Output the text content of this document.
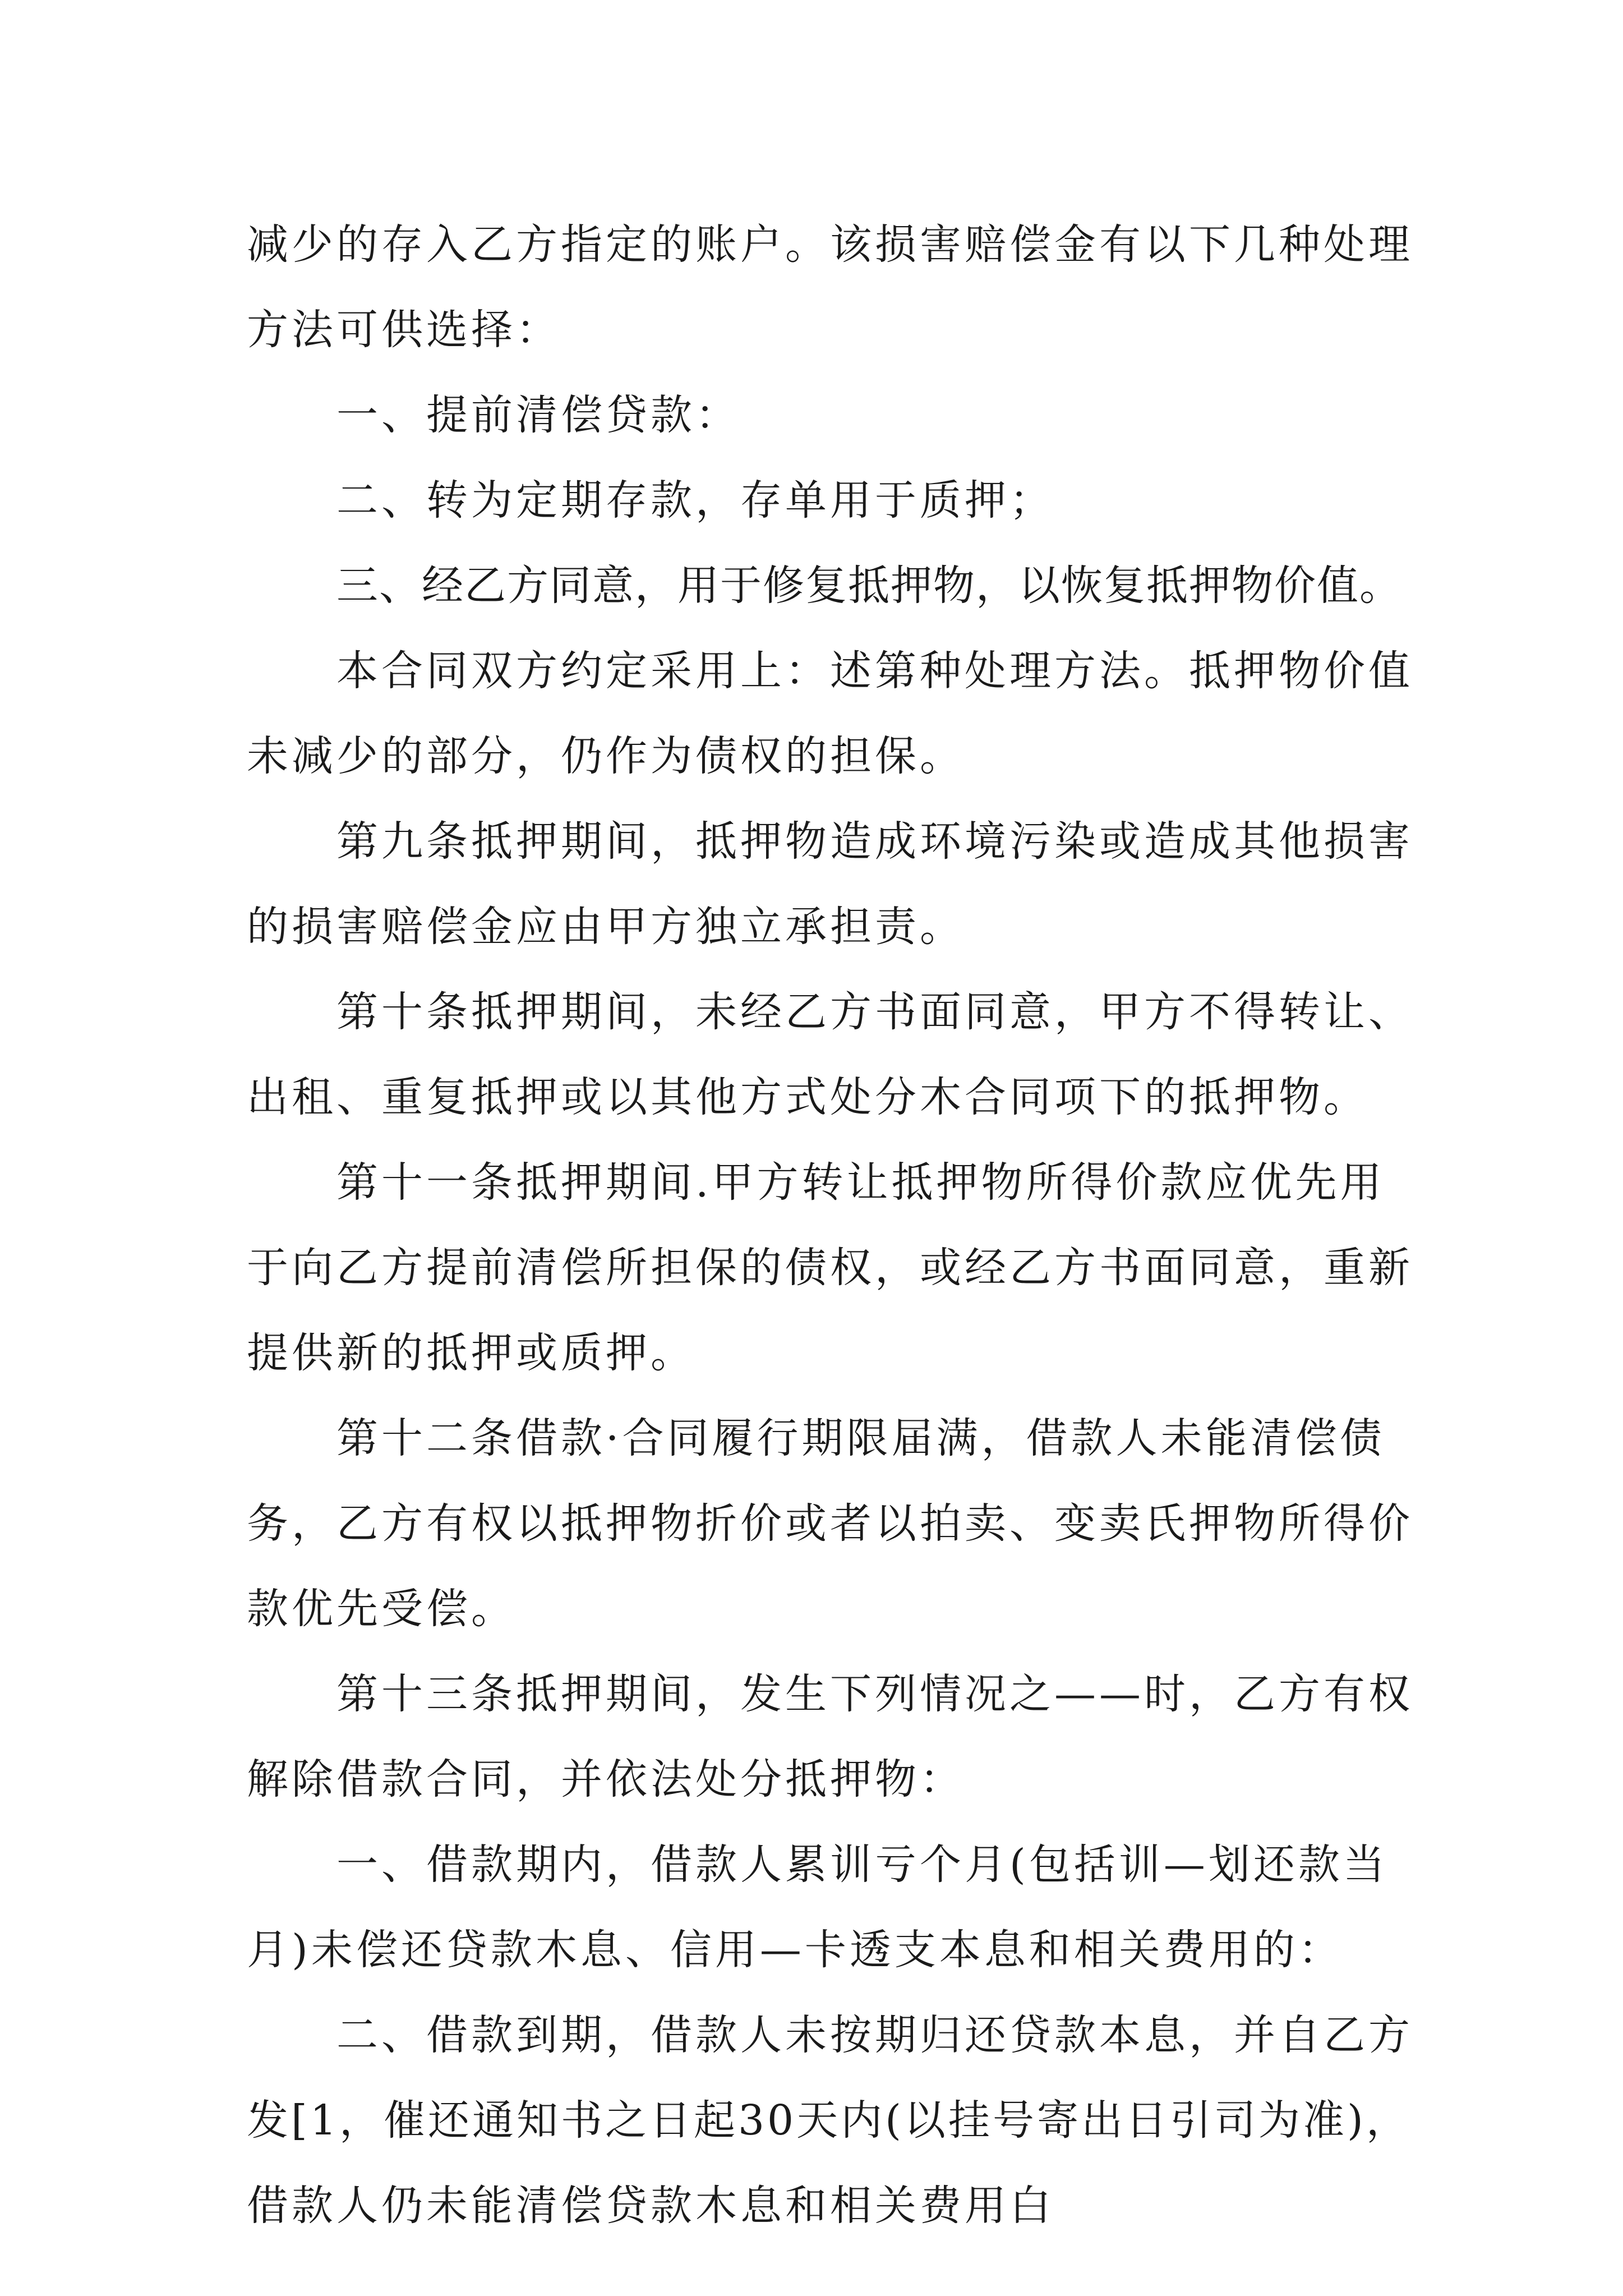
减少的存入乙方指定的账户。该损害赔偿金有以下几种处理
方法可供选择：
一、提前清偿贷款：
二、转为定期存款，存单用于质押；
三、经乙方同意，用于修复抵押物，以恢复抵押物价值。
本合同双方约定采用上：述第种处理方法。抵押物价值
未减少的部分，仍作为债权的担保。
第九条抵押期间，抵押物造成环境污染或造成其他损害
的损害赔偿金应由甲方独立承担责。
第十条抵押期间，未经乙方书面同意，甲方不得转让、
出租、重复抵押或以其他方式处分木合同项下的抵押物。
第十一条抵押期间.甲方转让抵押物所得价款应优先用
于向乙方提前清偿所担保的债权，或经乙方书面同意，重新
提供新的抵押或质押。
第十二条借款·合同履行期限届满，借款人未能清偿债
务，乙方有权以抵押物折价或者以拍卖、变卖氏押物所得价
款优先受偿。
第十三条抵押期间，发生下列情况之——时，乙方有权
解除借款合同，并依法处分抵押物：
一、借款期内，借款人累训亏个月(包括训—划还款当
月)未偿还贷款木息、信用—卡透支本息和相关费用的：
二、借款到期，借款人未按期归还贷款本息，并自乙方
发[1，催还通知书之日起30天内(以挂号寄出日引司为准)，
借款人仍未能清偿贷款木息和相关费用白
